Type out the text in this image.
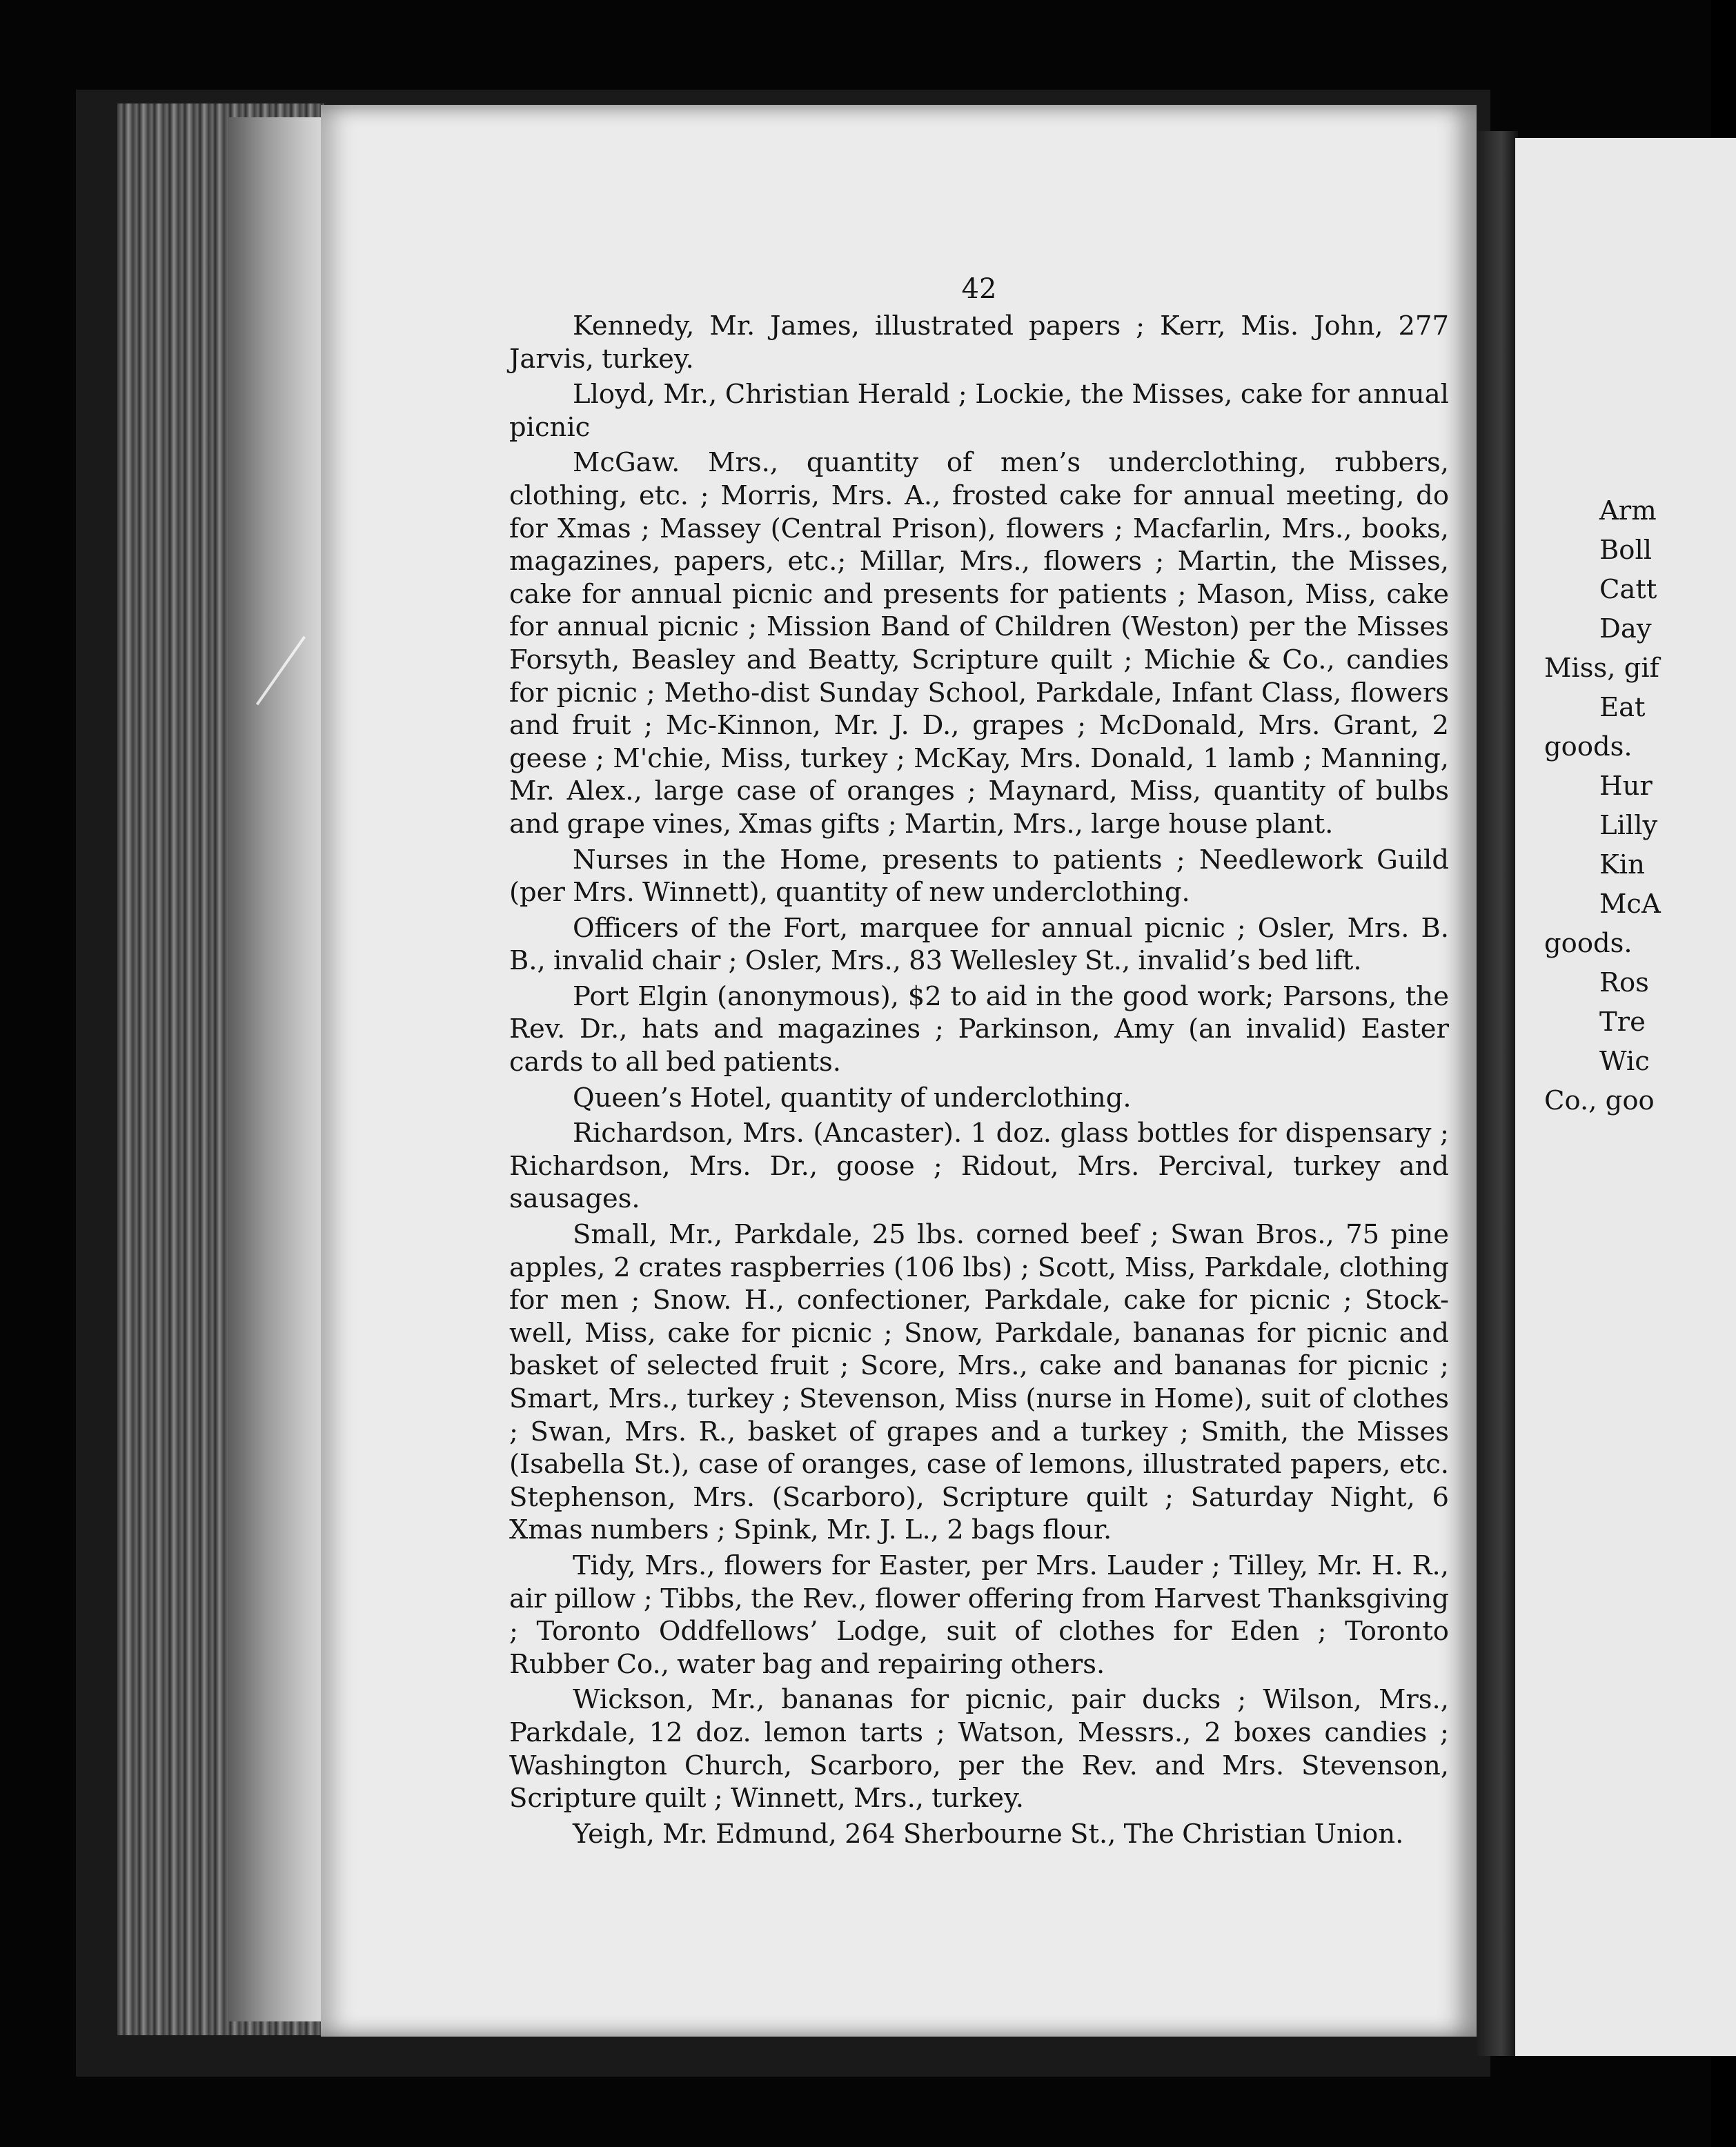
42

Kennedy, Mr. James, illustrated papers ; Kerr, Mis. John, 277 Jarvis, turkey.

Lloyd, Mr., Christian Herald ; Lockie, the Misses, cake for annual picnic

McGaw. Mrs., quantity of men’s underclothing, rubbers, clothing, etc. ; Morris, Mrs. A., frosted cake for annual meeting, do for Xmas ; Massey (Central Prison), flowers ; Macfarlin, Mrs., books, magazines, papers, etc.; Millar, Mrs., flowers ; Martin, the Misses, cake for annual picnic and presents for patients ; Mason, Miss, cake for annual picnic ; Mission Band of Children (Weston) per the Misses Forsyth, Beasley and Beatty, Scripture quilt ; Michie & Co., candies for picnic ; Metho-dist Sunday School, Parkdale, Infant Class, flowers and fruit ; Mc-Kinnon, Mr. J. D., grapes ; McDonald, Mrs. Grant, 2 geese ; M'chie, Miss, turkey ; McKay, Mrs. Donald, 1 lamb ; Manning, Mr. Alex., large case of oranges ; Maynard, Miss, quantity of bulbs and grape vines, Xmas gifts ; Martin, Mrs., large house plant.

Nurses in the Home, presents to patients ; Needlework Guild (per Mrs. Winnett), quantity of new underclothing.

Officers of the Fort, marquee for annual picnic ; Osler, Mrs. B. B., invalid chair ; Osler, Mrs., 83 Wellesley St., invalid’s bed lift.

Port Elgin (anonymous), $2 to aid in the good work; Parsons, the Rev. Dr., hats and magazines ; Parkinson, Amy (an invalid) Easter cards to all bed patients.

Queen’s Hotel, quantity of underclothing.

Richardson, Mrs. (Ancaster). 1 doz. glass bottles for dispensary ; Richardson, Mrs. Dr., goose ; Ridout, Mrs. Percival, turkey and sausages.

Small, Mr., Parkdale, 25 lbs. corned beef ; Swan Bros., 75 pine apples, 2 crates raspberries (106 lbs) ; Scott, Miss, Parkdale, clothing for men ; Snow. H., confectioner, Parkdale, cake for picnic ; Stock-well, Miss, cake for picnic ; Snow, Parkdale, bananas for picnic and basket of selected fruit ; Score, Mrs., cake and bananas for picnic ; Smart, Mrs., turkey ; Stevenson, Miss (nurse in Home), suit of clothes ; Swan, Mrs. R., basket of grapes and a turkey ; Smith, the Misses (Isabella St.), case of oranges, case of lemons, illustrated papers, etc. Stephenson, Mrs. (Scarboro), Scripture quilt ; Saturday Night, 6 Xmas numbers ; Spink, Mr. J. L., 2 bags flour.

Tidy, Mrs., flowers for Easter, per Mrs. Lauder ; Tilley, Mr. H. R., air pillow ; Tibbs, the Rev., flower offering from Harvest Thanksgiving ; Toronto Oddfellows’ Lodge, suit of clothes for Eden ; Toronto Rubber Co., water bag and repairing others.

Wickson, Mr., bananas for picnic, pair ducks ; Wilson, Mrs., Parkdale, 12 doz. lemon tarts ; Watson, Messrs., 2 boxes candies ; Washington Church, Scarboro, per the Rev. and Mrs. Stevenson, Scripture quilt ; Winnett, Mrs., turkey.

Yeigh, Mr. Edmund, 264 Sherbourne St., The Christian Union.

Arm
Boll
Catt
Day
Miss, gif
Eat
goods.
Hur
Lilly
Kin
McA
goods.
Ros
Tre
Wic
Co., goo
